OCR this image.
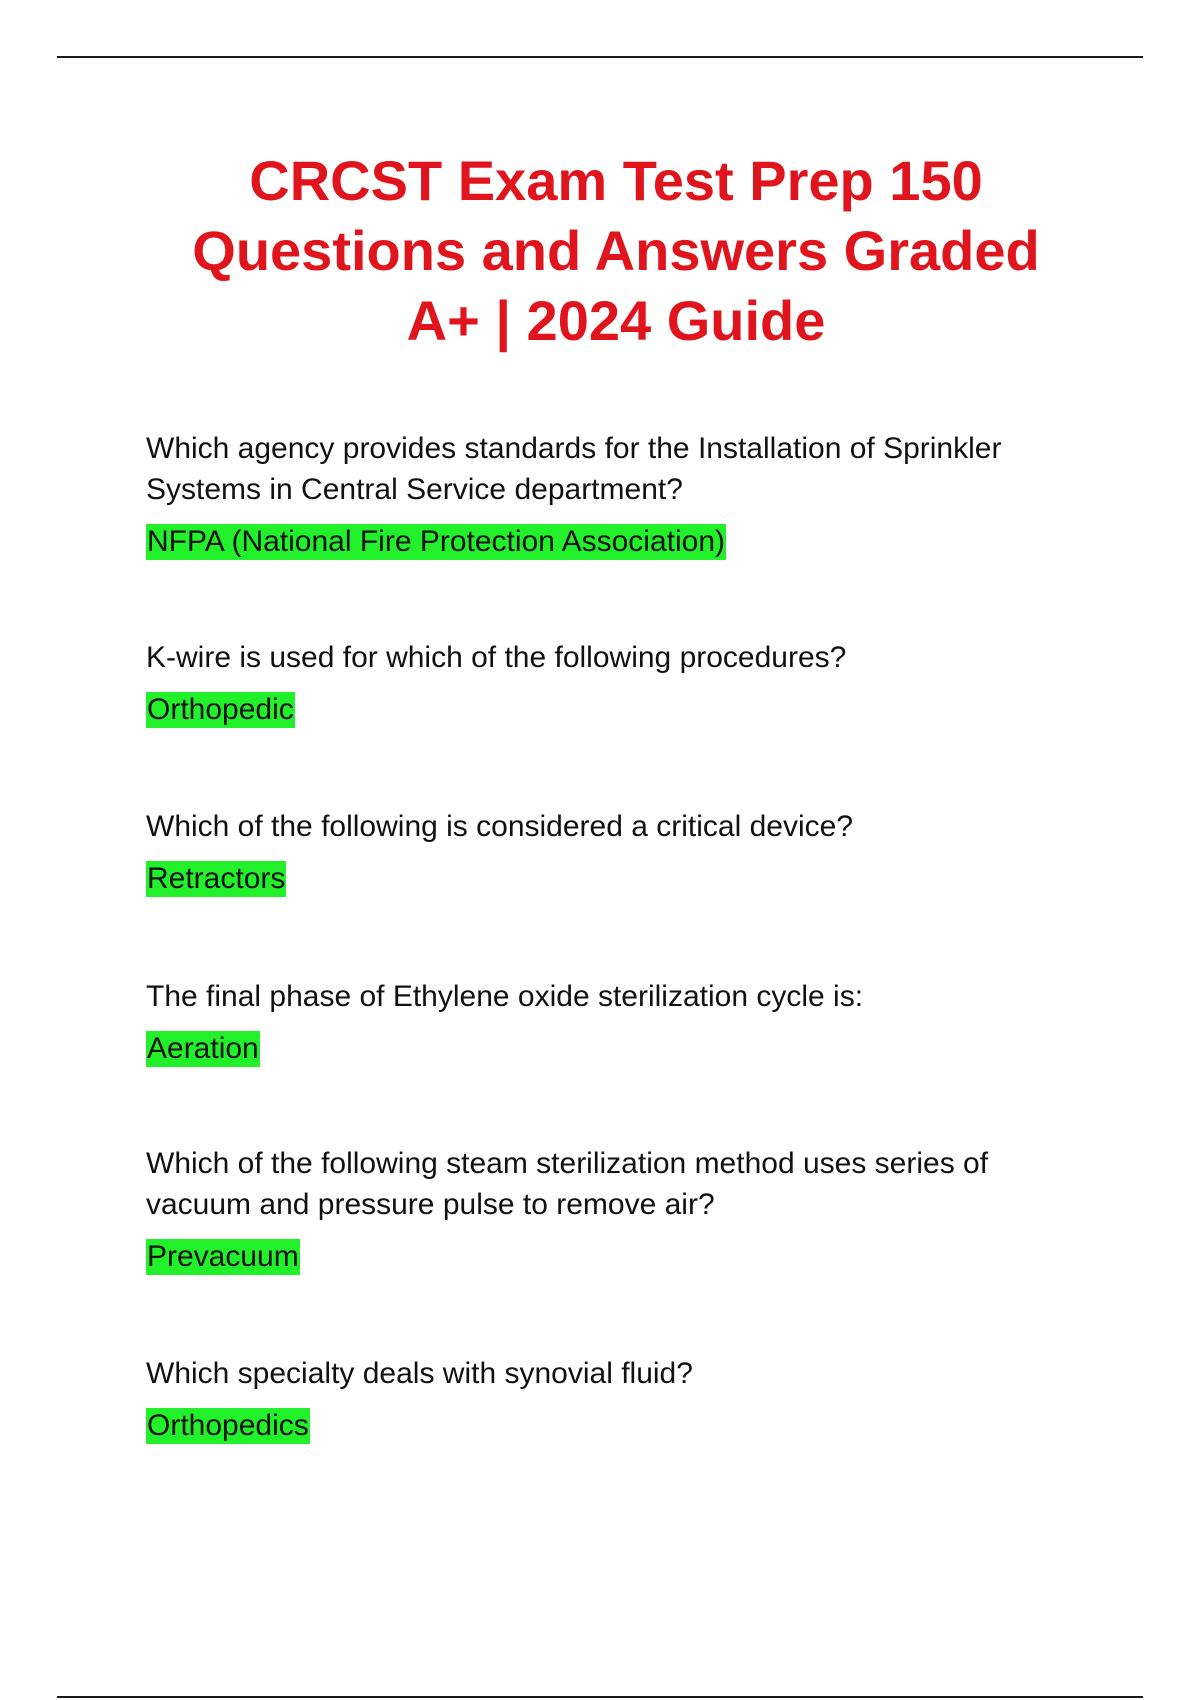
CRCST Exam Test Prep 150 Questions and Answers Graded A+ | 2024 Guide

Which agency provides standards for the Installation of Sprinkler Systems in Central Service department?

NFPA (National Fire Protection Association)

K-wire is used for which of the following procedures?

Orthopedic

Which of the following is considered a critical device?

Retractors

The final phase of Ethylene oxide sterilization cycle is:

Aeration

Which of the following steam sterilization method uses series of vacuum and pressure pulse to remove air?

Prevacuum

Which specialty deals with synovial fluid?

Orthopedics
